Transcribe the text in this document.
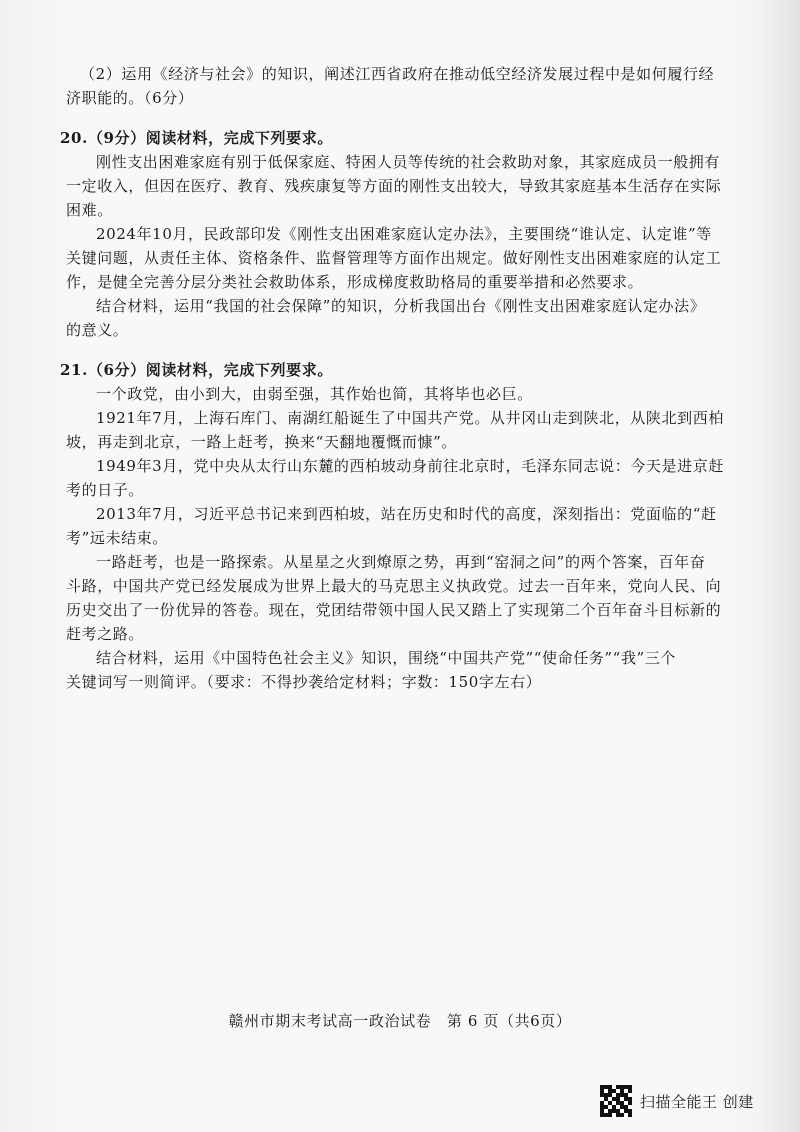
（2）运用《经济与社会》的知识，阐述江西省政府在推动低空经济发展过程中是如何履行经
济职能的。（6分）
20.（9分）阅读材料，完成下列要求。
刚性支出困难家庭有别于低保家庭、特困人员等传统的社会救助对象，其家庭成员一般拥有
一定收入，但因在医疗、教育、残疾康复等方面的刚性支出较大，导致其家庭基本生活存在实际
困难。
2024年10月，民政部印发《刚性支出困难家庭认定办法》，主要围绕“谁认定、认定谁”等
关键问题，从责任主体、资格条件、监督管理等方面作出规定。做好刚性支出困难家庭的认定工
作，是健全完善分层分类社会救助体系，形成梯度救助格局的重要举措和必然要求。
结合材料，运用“我国的社会保障”的知识，分析我国出台《刚性支出困难家庭认定办法》
的意义。
21.（6分）阅读材料，完成下列要求。
一个政党，由小到大，由弱至强，其作始也简，其将毕也必巨。
1921年7月，上海石库门、南湖红船诞生了中国共产党。从井冈山走到陕北，从陕北到西柏
坡，再走到北京，一路上赶考，换来“天翻地覆慨而慷”。
1949年3月，党中央从太行山东麓的西柏坡动身前往北京时，毛泽东同志说：今天是进京赶
考的日子。
2013年7月，习近平总书记来到西柏坡，站在历史和时代的高度，深刻指出：党面临的“赶
考”远未结束。
一路赶考，也是一路探索。从星星之火到燎原之势，再到“窑洞之问”的两个答案，百年奋
斗路，中国共产党已经发展成为世界上最大的马克思主义执政党。过去一百年来，党向人民、向
历史交出了一份优异的答卷。现在，党团结带领中国人民又踏上了实现第二个百年奋斗目标新的
赶考之路。
结合材料，运用《中国特色社会主义》知识，围绕“中国共产党”“使命任务”“我”三个
关键词写一则简评。（要求：不得抄袭给定材料；字数：150字左右）
赣州市期末考试高一政治试卷　第 6 页（共6页）
扫描全能王 创建
